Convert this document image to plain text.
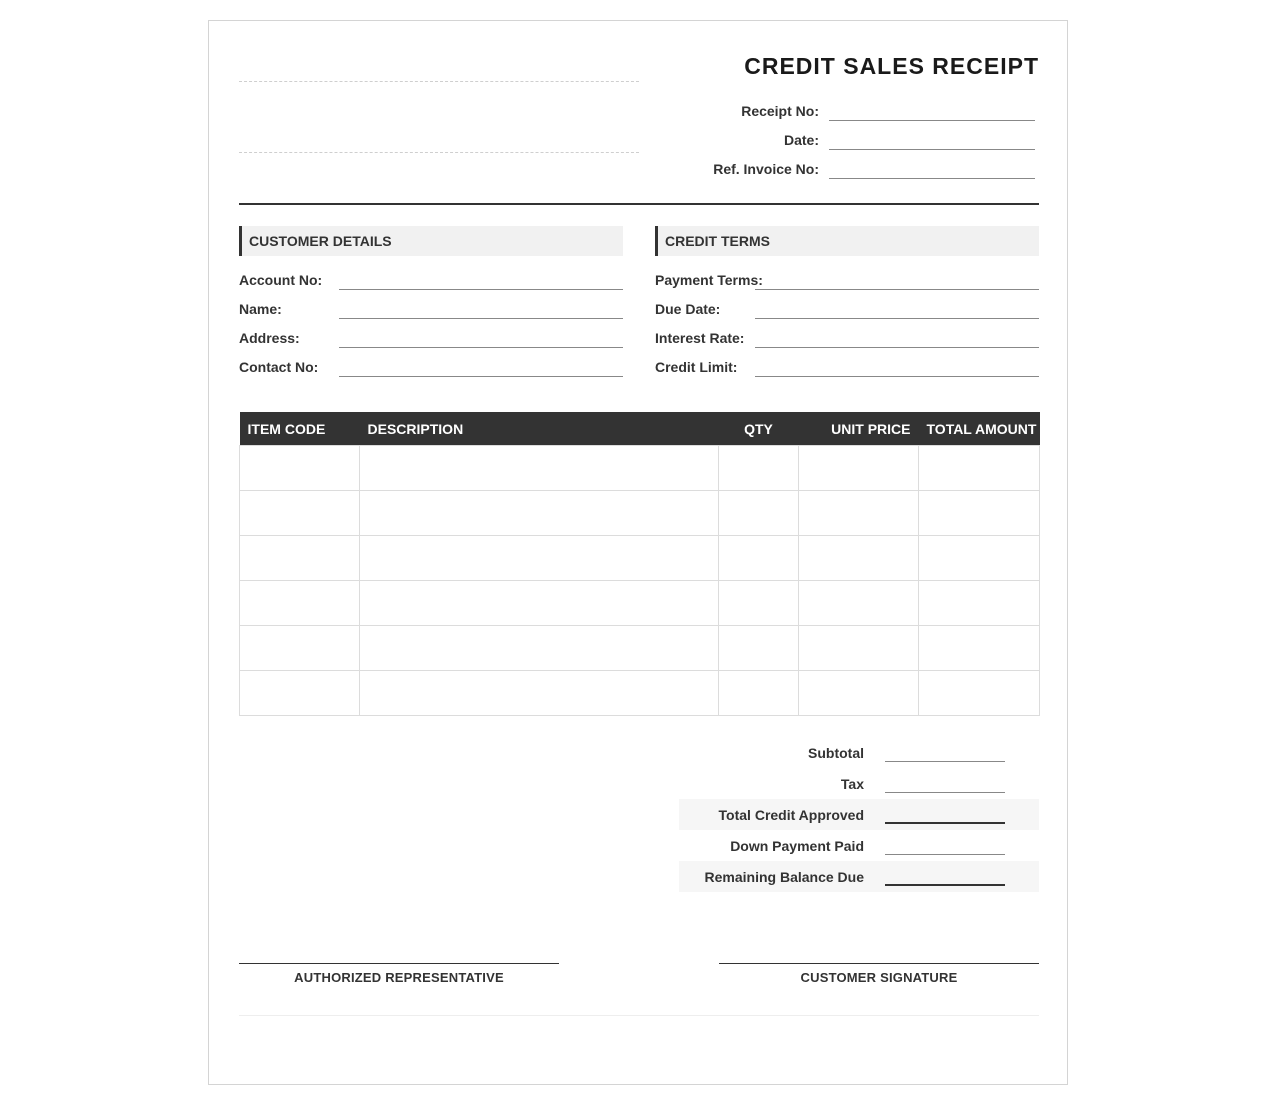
CREDIT SALES RECEIPT
Receipt No:
Date:
Ref. Invoice No:
CUSTOMER DETAILS
Account No:
Name:
Address:
Contact No:
CREDIT TERMS
Payment Terms:
Due Date:
Interest Rate:
Credit Limit:
ITEM CODE	DESCRIPTION	QTY	UNIT PRICE	TOTAL AMOUNT

Subtotal
Tax
Total Credit Approved
Down Payment Paid
Remaining Balance Due
AUTHORIZED REPRESENTATIVE	CUSTOMER SIGNATURE
